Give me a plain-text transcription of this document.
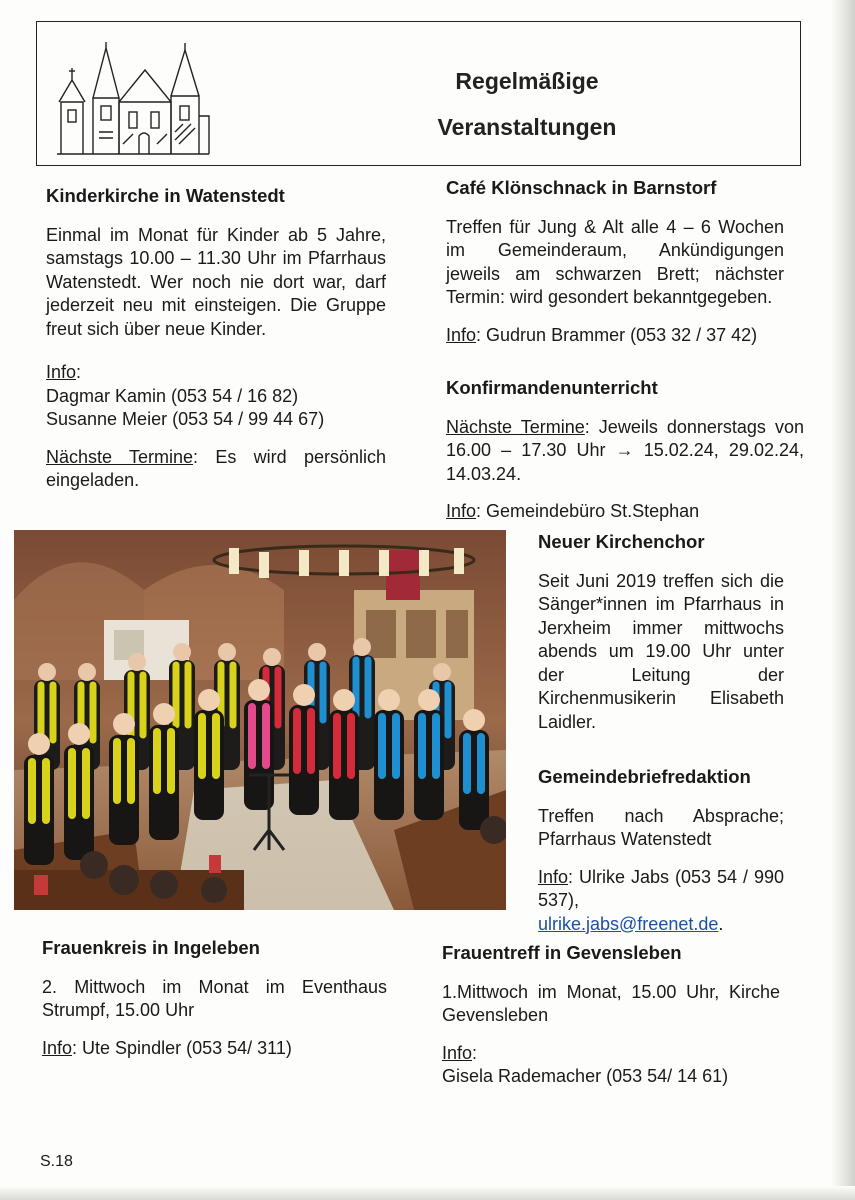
Regelmäßige
Veranstaltungen
Kinderkirche in Watenstedt

Einmal im Monat für Kinder ab 5 Jahre, samstags 10.00 – 11.30 Uhr im Pfarrhaus Watenstedt. Wer noch nie dort war, darf jederzeit neu mit einsteigen. Die Gruppe freut sich über neue Kinder.

Info:

Dagmar Kamin (053 54 / 16 82)

Susanne Meier (053 54 / 99 44 67)

Nächste Termine: Es wird persönlich eingeladen.

Café Klönschnack in Barnstorf

Treffen für Jung & Alt alle 4 – 6 Wochen im Gemeinderaum, Ankündigungen jeweils am schwarzen Brett; nächster Termin: wird gesondert bekanntgegeben.

Info: Gudrun Brammer (053 32 / 37 42)

Konfirmandenunterricht

Nächste Termine: Jeweils donnerstags von 16.00 – 17.30 Uhr → 15.02.24, 29.02.24, 14.03.24.

Info: Gemeindebüro St.Stephan

Neuer Kirchenchor

Seit Juni 2019 treffen sich die Sänger*innen im Pfarrhaus in Jerxheim immer mittwochs abends um 19.00 Uhr unter der Leitung der Kirchenmusikerin Elisabeth Laidler.

Gemeindebriefredaktion

Treffen nach Absprache; Pfarrhaus Watenstedt

Info: Ulrike Jabs (053 54 / 990 537),

ulrike.jabs@freenet.de.

Frauenkreis in Ingeleben

2. Mittwoch im Monat im Eventhaus Strumpf, 15.00 Uhr

Info: Ute Spindler (053 54/ 311)

Frauentreff in Gevensleben

1.Mittwoch im Monat, 15.00 Uhr, Kirche Gevensleben

Info:

Gisela Rademacher (053 54/ 14 61)

S.18
